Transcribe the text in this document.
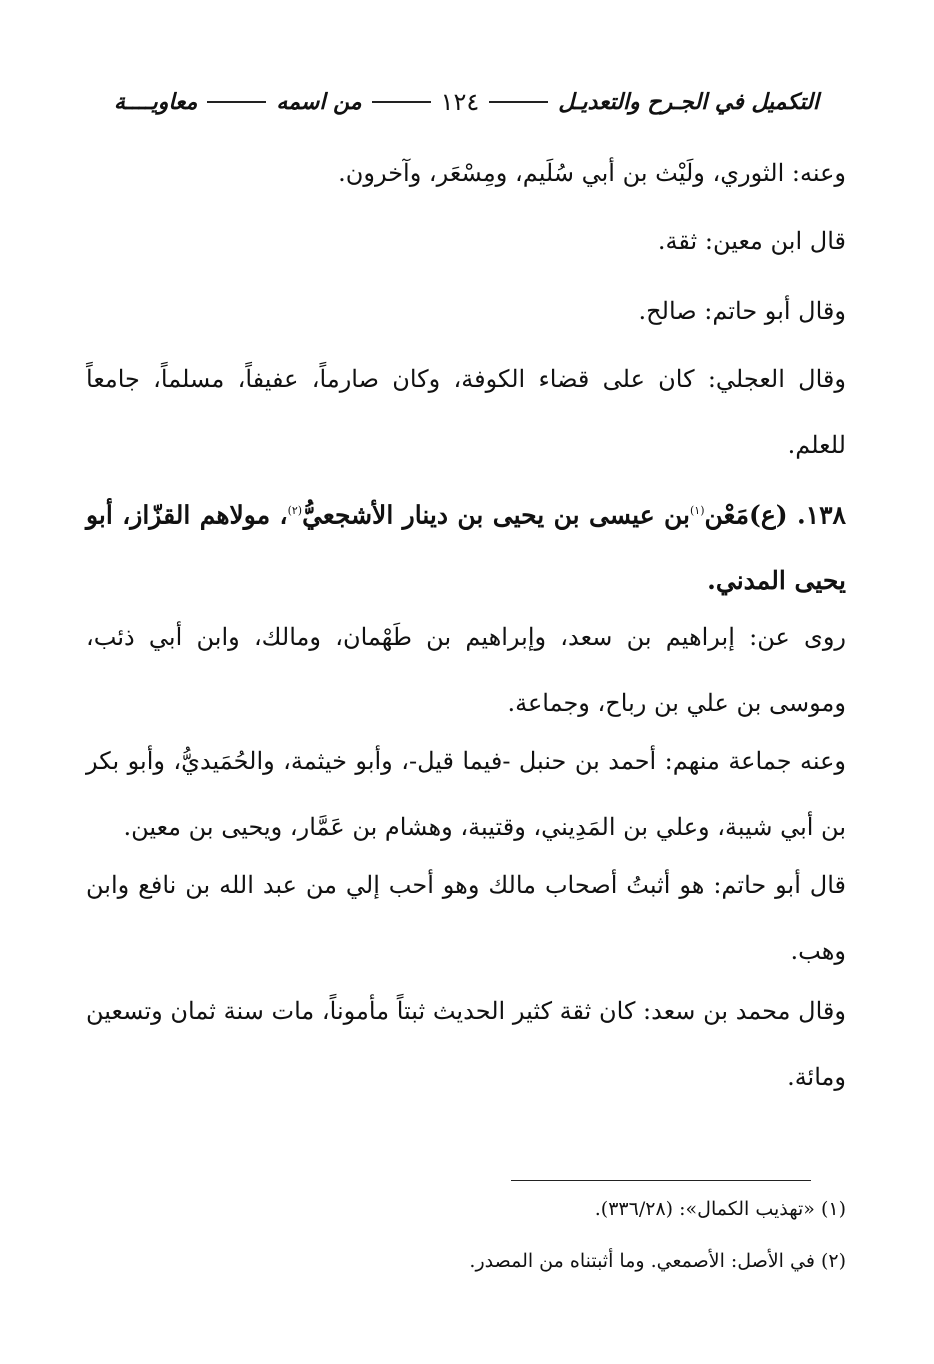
التكميل في الجـرح والتعديـل
١٢٤
من اسمه
معاويــــة

وعنه: الثوري، ولَيْث بن أبي سُلَيم، ومِسْعَر، وآخرون.

قال ابن معين: ثقة.

وقال أبو حاتم: صالح.

وقال العجلي: كان على قضاء الكوفة، وكان صارماً، عفيفاً، مسلماً، جامعاً للعلم.

١٣٨. (ع)مَعْن$^{(١)}$بن عيسى بن يحيى بن دينار الأشجعيُّ$^{(٢)}$، مولاهم القزّاز، أبو يحيى المدني.

روى عن: إبراهيم بن سعد، وإبراهيم بن طَهْمان، ومالك، وابن أبي ذئب، وموسى بن علي بن رباح، وجماعة.

وعنه جماعة منهم: أحمد بن حنبل -فيما قيل-، وأبو خيثمة، والحُمَيديُّ، وأبو بكر بن أبي شيبة، وعلي بن المَدِيني، وقتيبة، وهشام بن عَمَّار، ويحيى بن معين.

قال أبو حاتم: هو أثبتُ أصحاب مالك وهو أحب إلي من عبد الله بن نافع وابن وهب.

وقال محمد بن سعد: كان ثقة كثير الحديث ثبتاً مأموناً، مات سنة ثمان وتسعين ومائة.

(١) «تهذيب الكمال»: (٣٣٦/٢٨).

(٢) في الأصل: الأصمعي. وما أثبتناه من المصدر.
